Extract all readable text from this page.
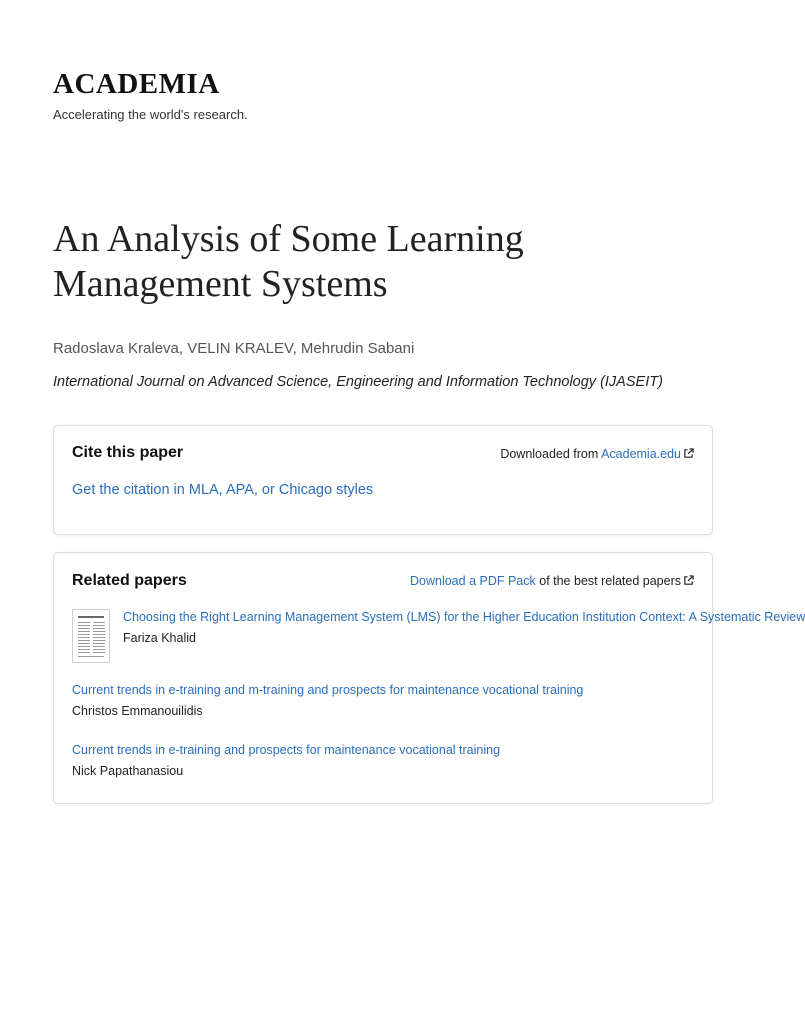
ACADEMIA
Accelerating the world's research.
An Analysis of Some Learning Management Systems
Radoslava Kraleva, VELIN KRALEV, Mehrudin Sabani
International Journal on Advanced Science, Engineering and Information Technology (IJASEIT)
Cite this paper	Downloaded from Academia.edu
Get the citation in MLA, APA, or Chicago styles
Related papers	Download a PDF Pack of the best related papers
Choosing the Right Learning Management System (LMS) for the Higher Education Institution Context: A Systematic Review
Fariza Khalid
Current trends in e-training and m-training and prospects for maintenance vocational training
Christos Emmanouilidis
Current trends in e-training and prospects for maintenance vocational training
Nick Papathanasiou
